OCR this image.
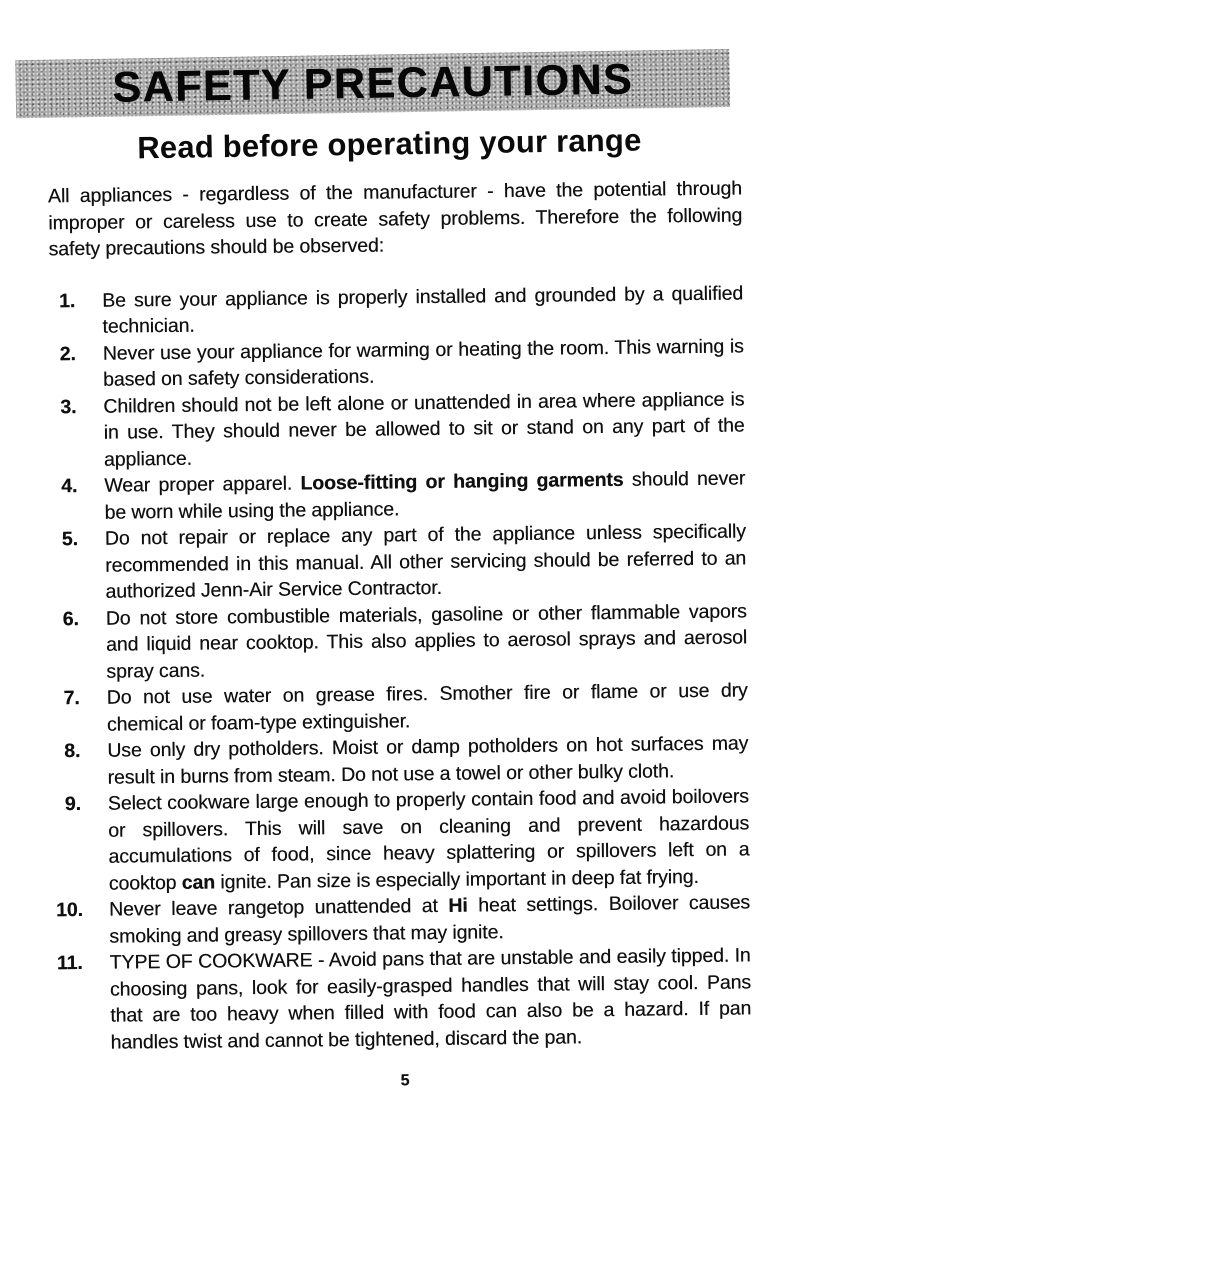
SAFETY PRECAUTIONS
Read before operating your range

All appliances - regardless of the manufacturer - have the potential through improper or careless use to create safety problems. Therefore the following safety precautions should be observed:

1. Be sure your appliance is properly installed and grounded by a qualified technician.
2. Never use your appliance for warming or heating the room. This warning is based on safety considerations.
3. Children should not be left alone or unattended in area where appliance is in use. They should never be allowed to sit or stand on any part of the appliance.
4. Wear proper apparel. Loose-fitting or hanging garments should never be worn while using the appliance.
5. Do not repair or replace any part of the appliance unless specifically recommended in this manual. All other servicing should be referred to an authorized Jenn-Air Service Contractor.
6. Do not store combustible materials, gasoline or other flammable vapors and liquid near cooktop. This also applies to aerosol sprays and aerosol spray cans.
7. Do not use water on grease fires. Smother fire or flame or use dry chemical or foam-type extinguisher.
8. Use only dry potholders. Moist or damp potholders on hot surfaces may result in burns from steam. Do not use a towel or other bulky cloth.
9. Select cookware large enough to properly contain food and avoid boilovers or spillovers. This will save on cleaning and prevent hazardous accumulations of food, since heavy splattering or spillovers left on a cooktop can ignite. Pan size is especially important in deep fat frying.
10. Never leave rangetop unattended at Hi heat settings. Boilover causes smoking and greasy spillovers that may ignite.
11. TYPE OF COOKWARE - Avoid pans that are unstable and easily tipped. In choosing pans, look for easily-grasped handles that will stay cool. Pans that are too heavy when filled with food can also be a hazard. If pan handles twist and cannot be tightened, discard the pan.
5
